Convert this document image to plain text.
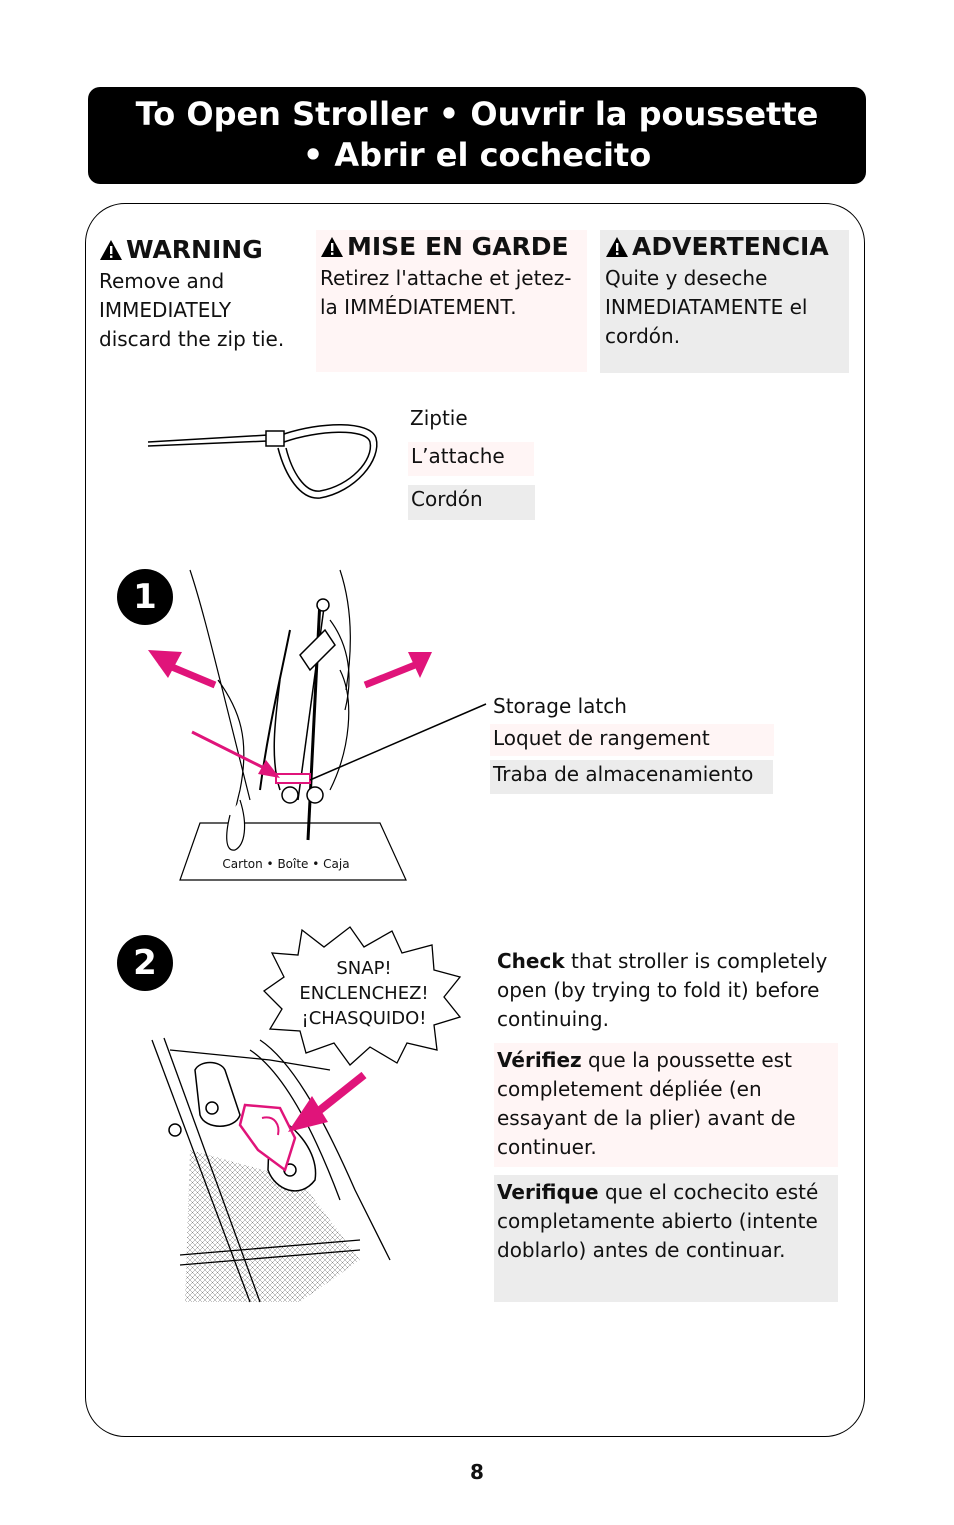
To Open Stroller • Ouvrir la poussette
• Abrir el cochecito
WARNING

Remove and IMMEDIATELY discard the zip tie.

MISE EN GARDE

Retirez l'attache et jetez-la IMMÉDIATEMENT.

ADVERTENCIA

Quite y deseche INMEDIATAMENTE el cordón.

Ziptie
L’attache
Cordón
1
Carton • Boîte • Caja
Storage latch
Loquet de rangement
Traba de almacenamiento
2	SNAP!
ENCLENCHEZ!
¡CHASQUIDO!
Check that stroller is completely open (by trying to fold it) before continuing.
Vérifiez que la poussette est completement dépliée (en essayant de la plier) avant de continuer.
Verifique que el cochecito esté completamente abierto (intente doblarlo) antes de continuar.
8
